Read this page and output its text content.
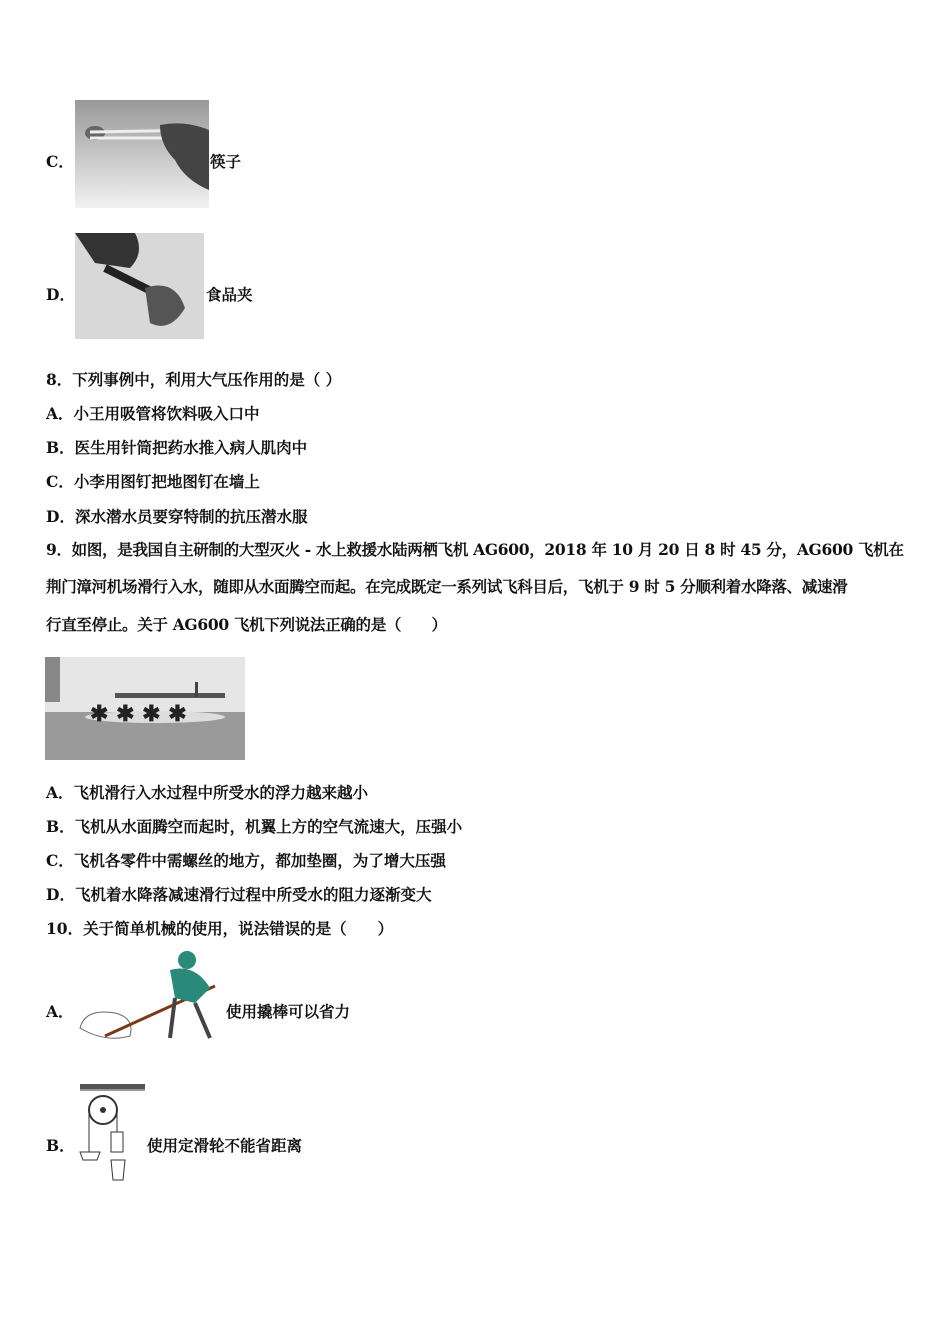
C．	筷子
D．	食品夹
8．下列事例中，利用大气压作用的是（ ）
A．小王用吸管将饮料吸入口中
B．医生用针筒把药水推入病人肌肉中
C．小李用图钉把地图钉在墙上
D．深水潜水员要穿特制的抗压潜水服
9．如图，是我国自主研制的大型灭火 - 水上救援水陆两栖飞机 AG600，2018 年 10 月 20 日 8 时 45 分，AG600 飞机在
荆门漳河机场滑行入水，随即从水面腾空而起。在完成既定一系列试飞科目后，飞机于 9 时 5 分顺利着水降落、减速滑
行直至停止。关于 AG600 飞机下列说法正确的是（　　）
✱ ✱ ✱ ✱
A．飞机滑行入水过程中所受水的浮力越来越小
B．飞机从水面腾空而起时，机翼上方的空气流速大，压强小
C．飞机各零件中需螺丝的地方，都加垫圈，为了增大压强
D．飞机着水降落减速滑行过程中所受水的阻力逐渐变大
10．关于简单机械的使用，说法错误的是（　　）
A．	使用撬棒可以省力
B．	使用定滑轮不能省距离
